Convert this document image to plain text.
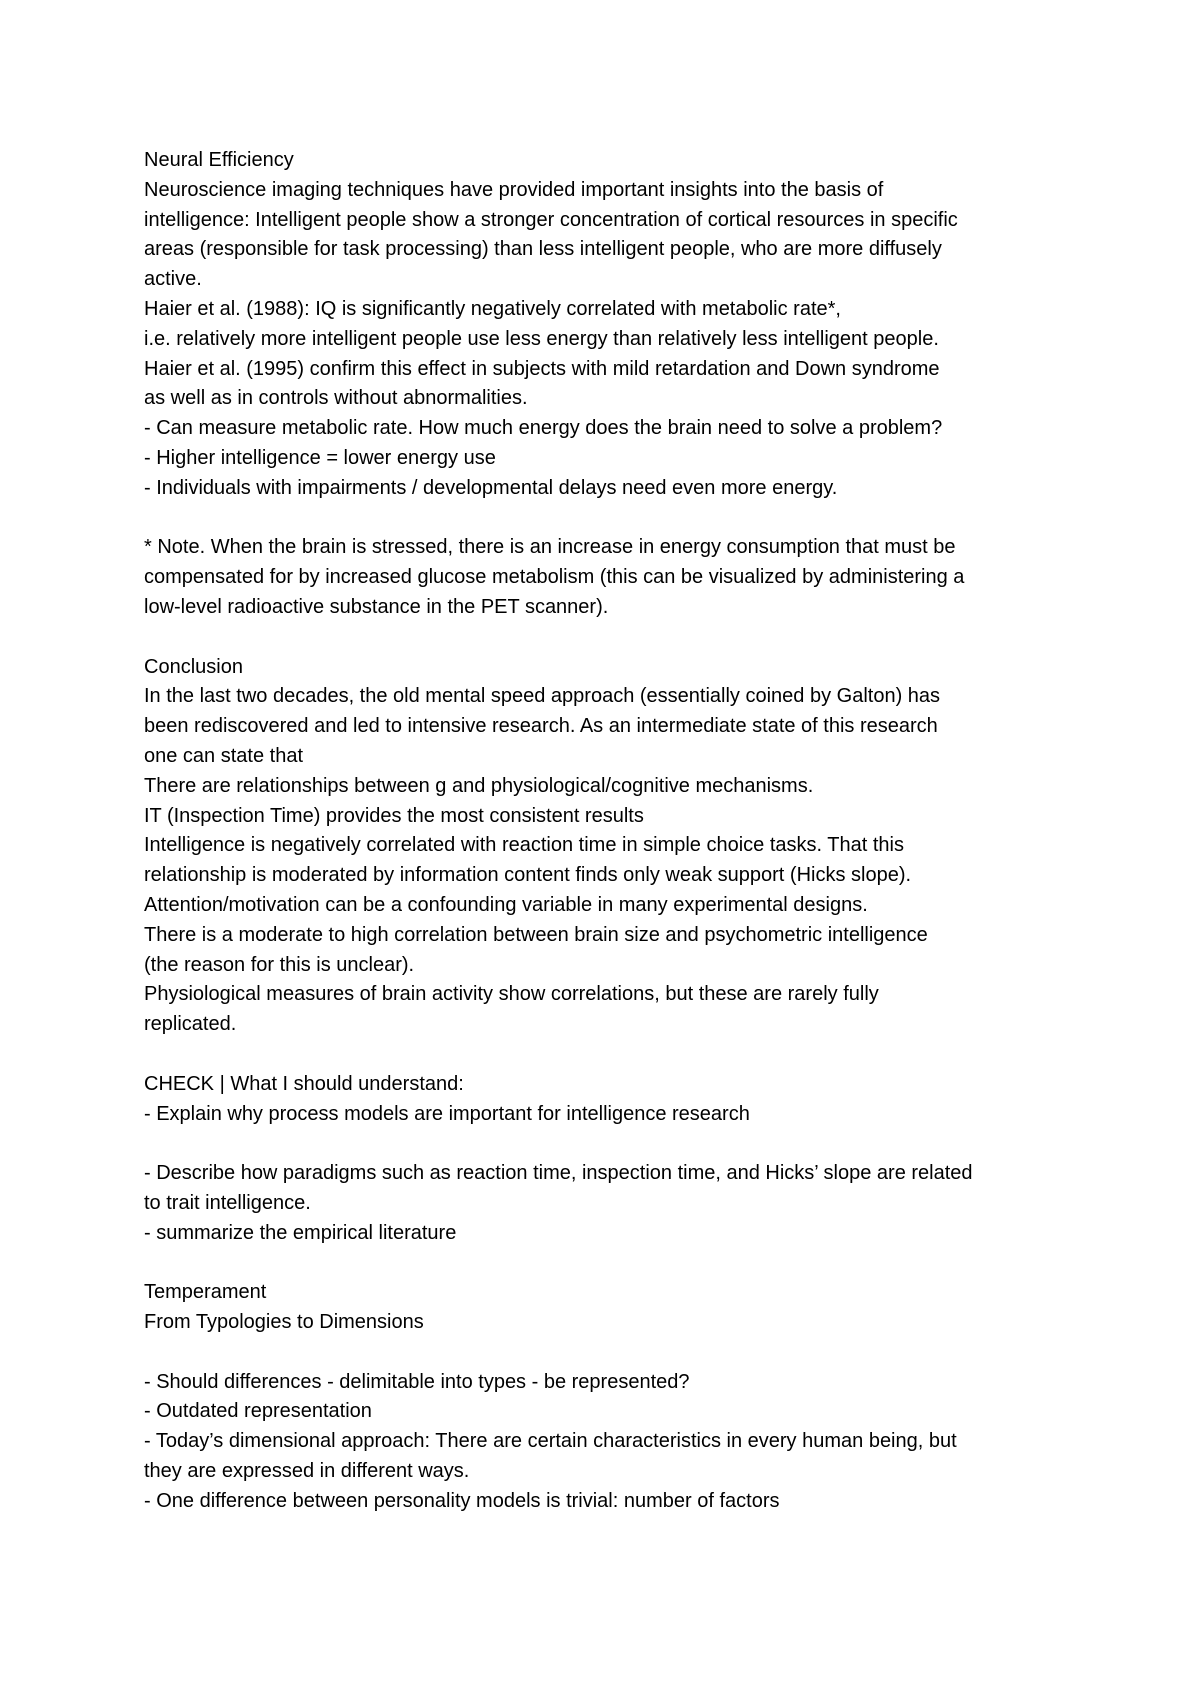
Neural Efficiency
Neuroscience imaging techniques have provided important insights into the basis of
intelligence: Intelligent people show a stronger concentration of cortical resources in specific
areas (responsible for task processing) than less intelligent people, who are more diffusely
active.
Haier et al. (1988): IQ is significantly negatively correlated with metabolic rate*,
i.e. relatively more intelligent people use less energy than relatively less intelligent people.
Haier et al. (1995) confirm this effect in subjects with mild retardation and Down syndrome
as well as in controls without abnormalities.
- Can measure metabolic rate. How much energy does the brain need to solve a problem?
- Higher intelligence = lower energy use
- Individuals with impairments / developmental delays need even more energy.
* Note. When the brain is stressed, there is an increase in energy consumption that must be
compensated for by increased glucose metabolism (this can be visualized by administering a
low-level radioactive substance in the PET scanner).
Conclusion
In the last two decades, the old mental speed approach (essentially coined by Galton) has
been rediscovered and led to intensive research. As an intermediate state of this research
one can state that
There are relationships between g and physiological/cognitive mechanisms.
IT (Inspection Time) provides the most consistent results
Intelligence is negatively correlated with reaction time in simple choice tasks. That this
relationship is moderated by information content finds only weak support (Hicks slope).
Attention/motivation can be a confounding variable in many experimental designs.
There is a moderate to high correlation between brain size and psychometric intelligence
(the reason for this is unclear).
Physiological measures of brain activity show correlations, but these are rarely fully
replicated.
CHECK | What I should understand:
- Explain why process models are important for intelligence research
- Describe how paradigms such as reaction time, inspection time, and Hicks’ slope are related
to trait intelligence.
- summarize the empirical literature
Temperament
From Typologies to Dimensions
- Should differences - delimitable into types - be represented?
- Outdated representation
- Today’s dimensional approach: There are certain characteristics in every human being, but
they are expressed in different ways.
- One difference between personality models is trivial: number of factors
